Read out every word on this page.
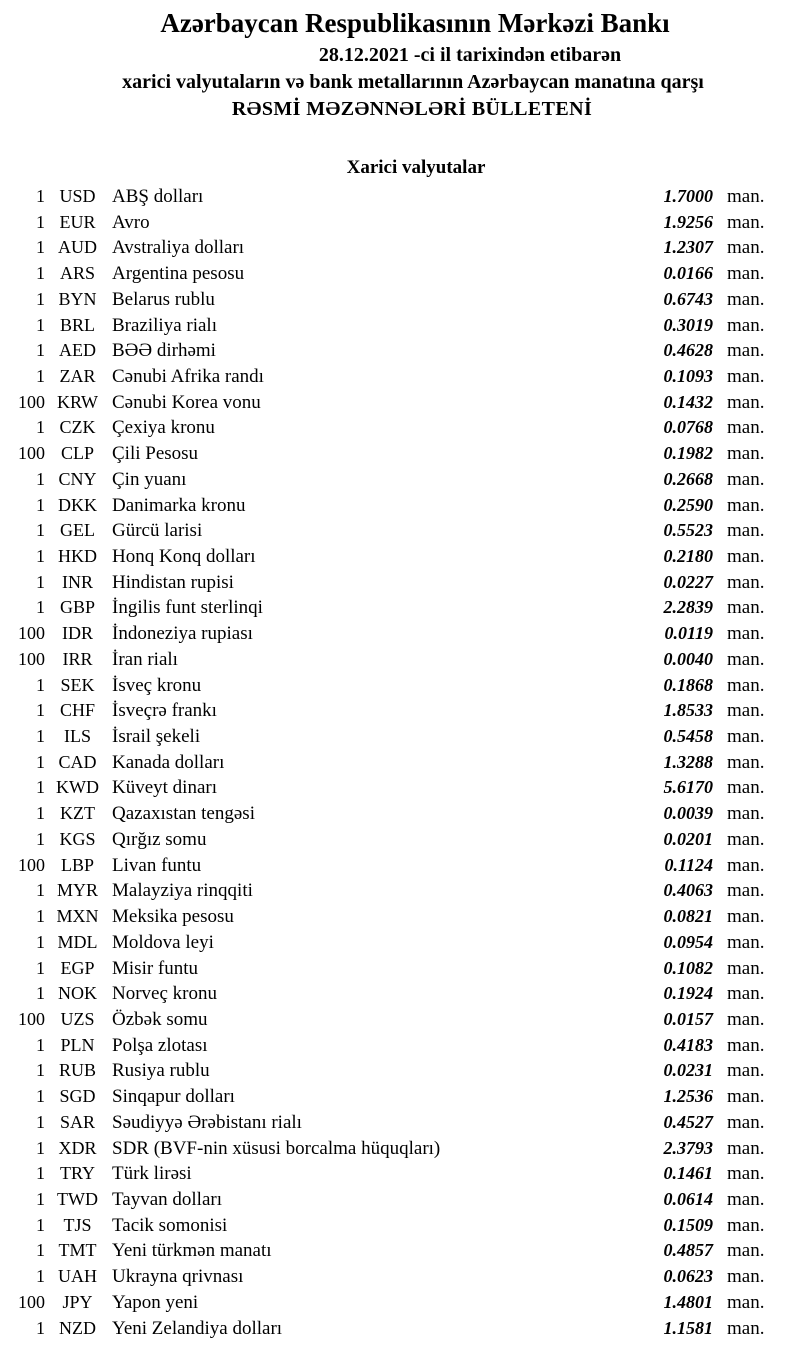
Azərbaycan Respublikasının Mərkəzi Bankı
28.12.2021 -ci il tarixindən etibarən
xarici valyutaların və bank metallarının Azərbaycan manatına qarşı
RƏSMİ MƏZƏNNƏLƏRİ BÜLLETENİ
Xarici valyutalar
1 USD ABŞ dolları	1.7000 man.
1 EUR Avro	1.9256 man.
1 AUD Avstraliya dolları	1.2307 man.
1 ARS Argentina pesosu	0.0166 man.
1 BYN Belarus rublu	0.6743 man.
1 BRL Braziliya rialı	0.3019 man.
1 AED BƏƏ dirhəmi	0.4628 man.
1 ZAR Cənubi Afrika randı	0.1093 man.
100 KRW Cənubi Korea vonu	0.1432 man.
1 CZK Çexiya kronu	0.0768 man.
100 CLP Çili Pesosu	0.1982 man.
1 CNY Çin yuanı	0.2668 man.
1 DKK Danimarka kronu	0.2590 man.
1 GEL Gürcü larisi	0.5523 man.
1 HKD Honq Konq dolları	0.2180 man.
1 INR	Hindistan rupisi	0.0227 man.
1 GBP İngilis funt sterlinqi	2.2839 man.
100 IDR	İndoneziya rupiası	0.0119 man.
100 IRR	İran rialı	0.0040 man.
1 SEK İsveç kronu	0.1868 man.
1 CHF İsveçrə frankı	1.8533 man.
1	ILS	İsrail şekeli	0.5458 man.
1 CAD Kanada dolları	1.3288 man.
1 KWD Küveyt dinarı	5.6170 man.
1 KZT Qazaxıstan tengəsi	0.0039 man.
1 KGS Qırğız somu	0.0201 man.
100 LBP Livan funtu	0.1124 man.
1 MYR Malayziya rinqqiti	0.4063 man.
1 MXN Meksika pesosu	0.0821 man.
1 MDL Moldova leyi	0.0954 man.
1 EGP Misir funtu	0.1082 man.
1 NOK Norveç kronu	0.1924 man.
100 UZS Özbək somu	0.0157 man.
1 PLN Polşa zlotası	0.4183 man.
1 RUB Rusiya rublu	0.0231 man.
1 SGD Sinqapur dolları	1.2536 man.
1 SAR Səudiyyə Ərəbistanı rialı	0.4527 man.
1 XDR SDR (BVF-nin xüsusi borcalma hüquqları)	2.3793 man.
1 TRY Türk lirəsi	0.1461 man.
1 TWD Tayvan dolları	0.0614 man.
1	TJS	Tacik somonisi	0.1509 man.
1 TMT Yeni türkmən manatı	0.4857 man.
1 UAH Ukrayna qrivnası	0.0623 man.
100 JPY	Yapon yeni	1.4801 man.
1 NZD Yeni Zelandiya dolları	1.1581 man.
